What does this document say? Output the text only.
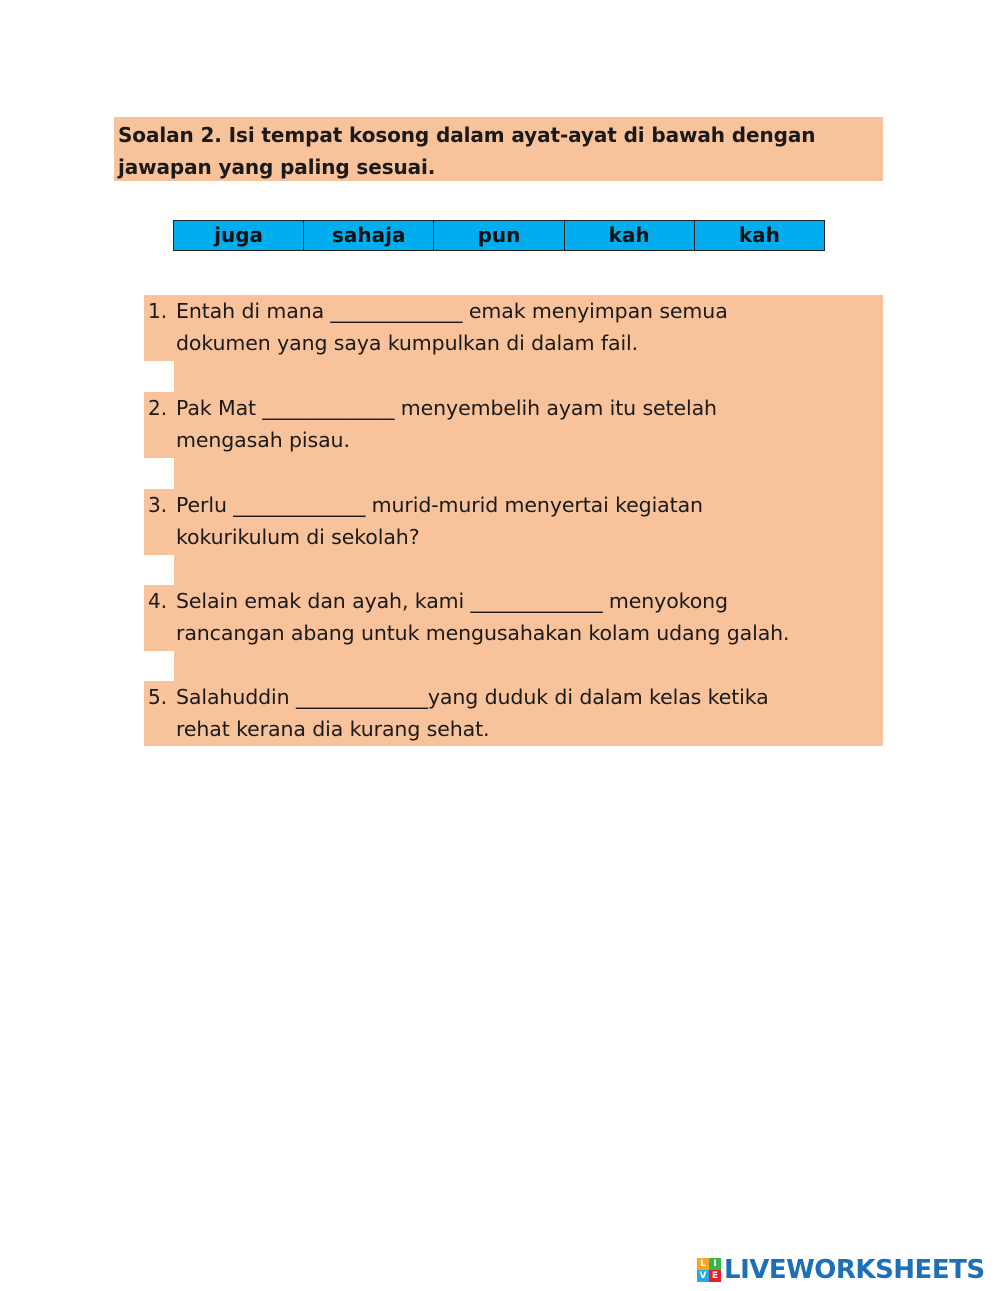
Soalan 2. Isi tempat kosong dalam ayat-ayat di bawah dengan
jawapan yang paling sesuai.
juga	sahaja	pun	kah	kah
1. Entah di mana _____________ emak menyimpan semua
dokumen yang saya kumpulkan di dalam fail.
2. Pak Mat _____________ menyembelih ayam itu setelah
mengasah pisau.
3. Perlu _____________ murid-murid menyertai kegiatan
kokurikulum di sekolah?
4. Selain emak dan ayah, kami _____________ menyokong
rancangan abang untuk mengusahakan kolam udang galah.
5. Salahuddin _____________yang duduk di dalam kelas ketika
rehat kerana dia kurang sehat.
L I
V E LIVEWORKSHEETS
